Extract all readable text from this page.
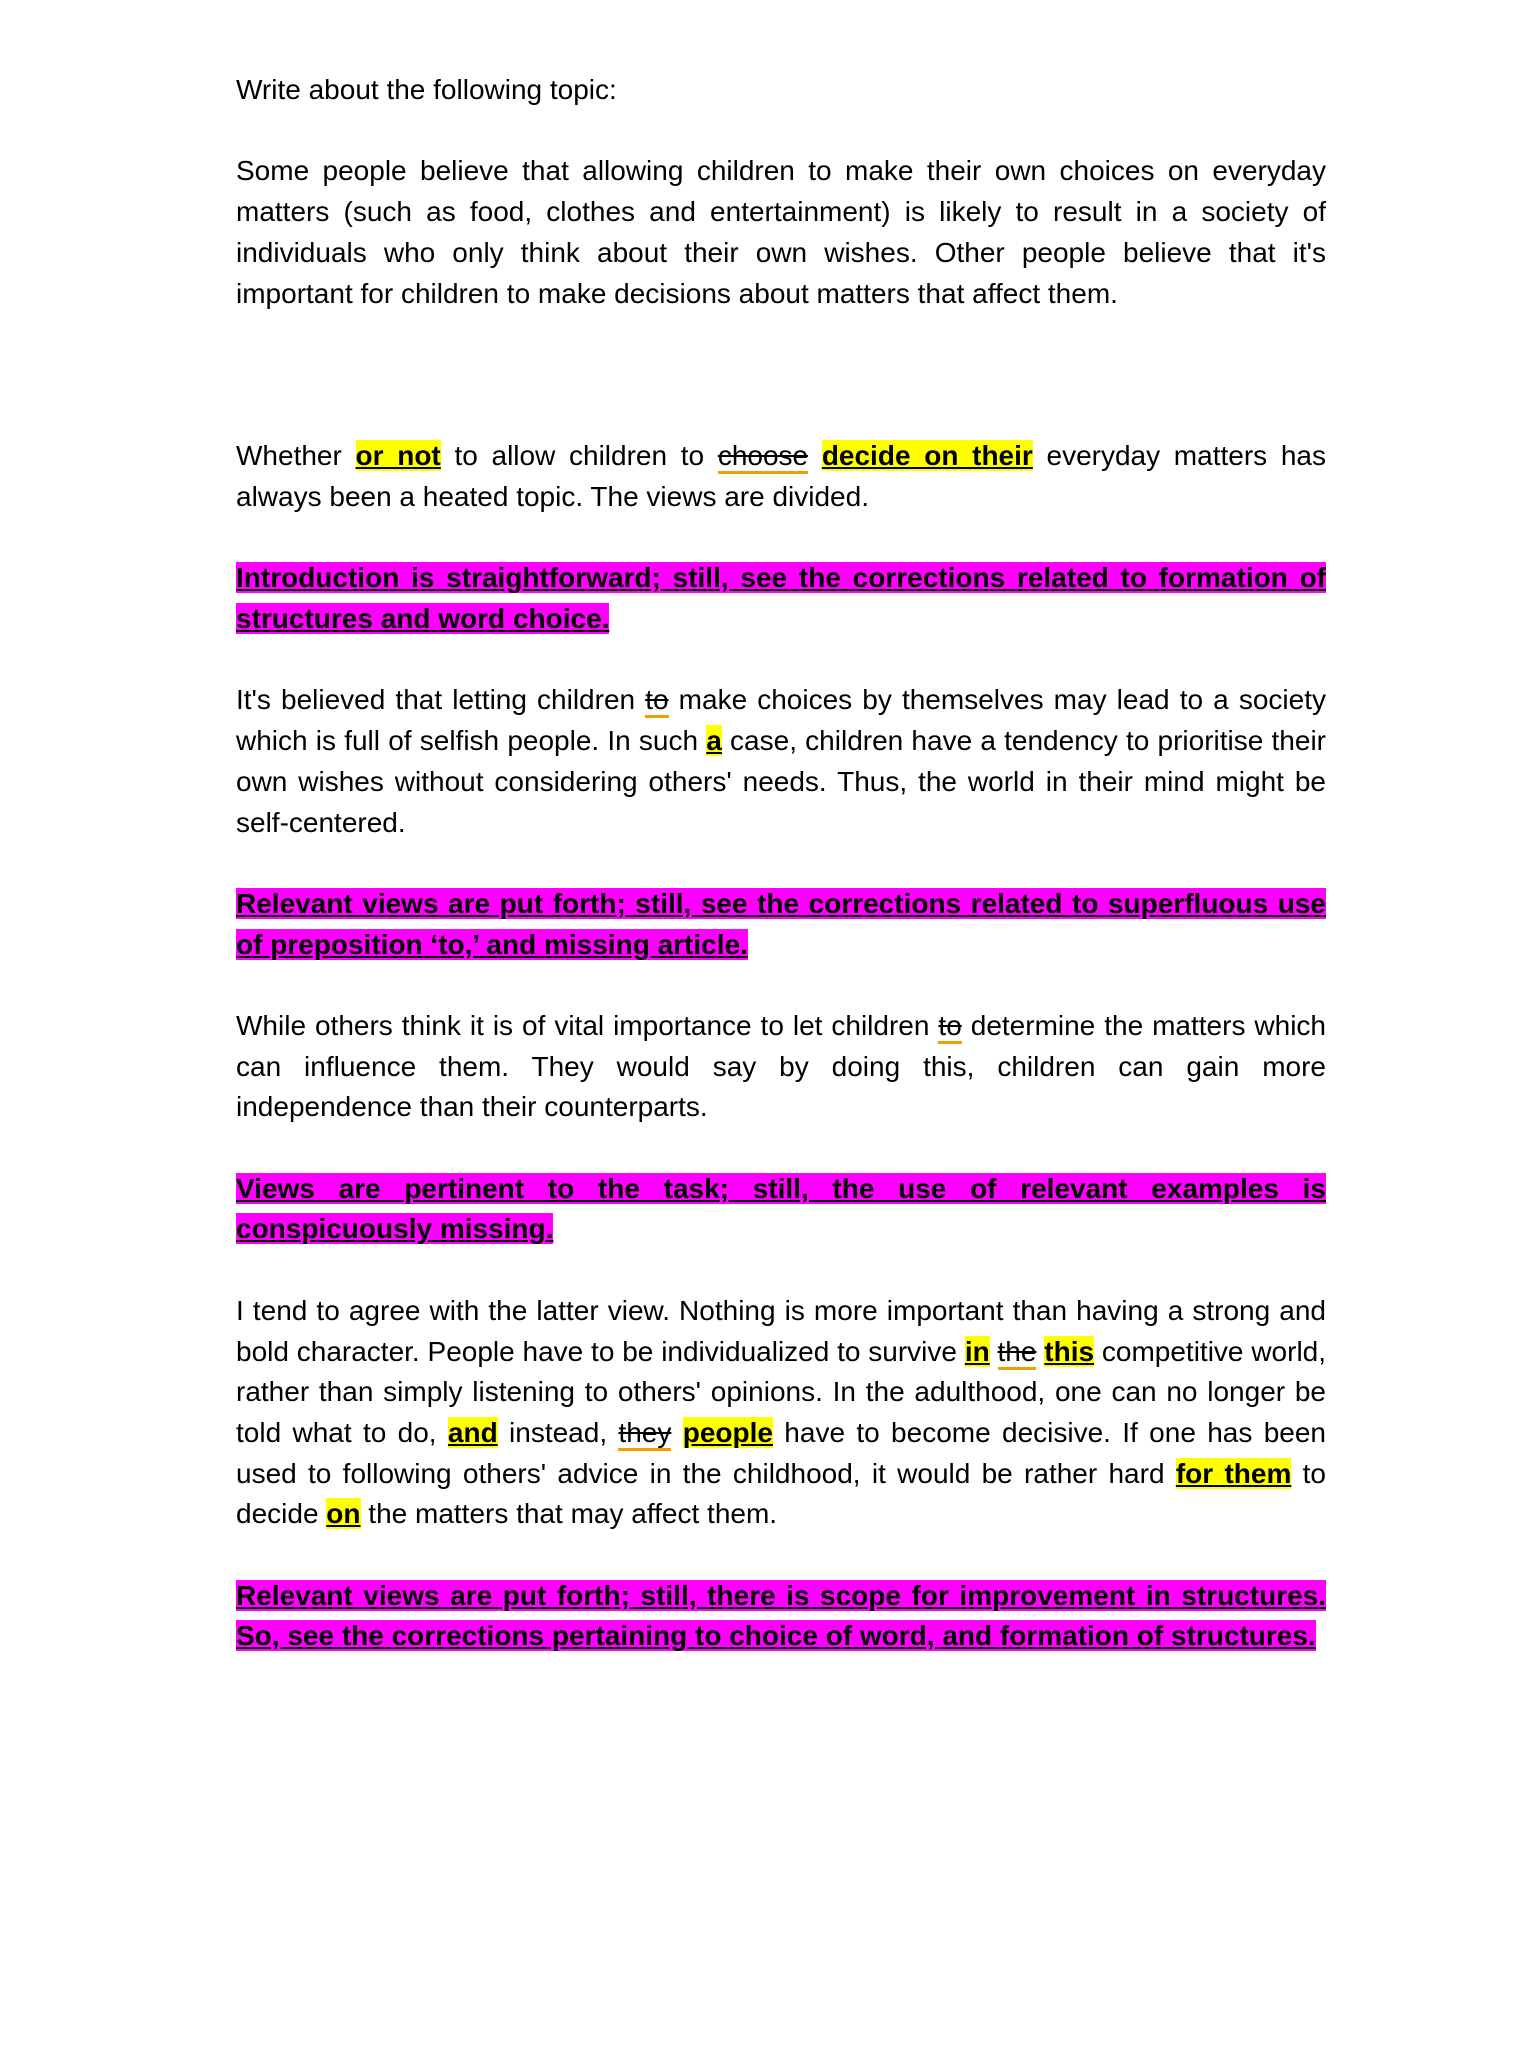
Write about the following topic:

Some people believe that allowing children to make their own choices on everyday matters (such as food, clothes and entertainment) is likely to result in a society of individuals who only think about their own wishes. Other people believe that it's important for children to make decisions about matters that affect them.

Whether or not to allow children to choose decide on their everyday matters has always been a heated topic. The views are divided.

Introduction is straightforward; still, see the corrections related to formation of structures and word choice.

It's believed that letting children to make choices by themselves may lead to a society which is full of selfish people. In such a case, children have a tendency to prioritise their own wishes without considering others' needs. Thus, the world in their mind might be self-centered.

Relevant views are put forth; still, see the corrections related to superfluous use of preposition ‘to,’ and missing article.

While others think it is of vital importance to let children to determine the matters which can influence them. They would say by doing this, children can gain more independence than their counterparts.

Views are pertinent to the task; still, the use of relevant examples is conspicuously missing.

I tend to agree with the latter view. Nothing is more important than having a strong and bold character. People have to be individualized to survive in the this competitive world, rather than simply listening to others' opinions. In the adulthood, one can no longer be told what to do, and instead, they people have to become decisive. If one has been used to following others' advice in the childhood, it would be rather hard for them to decide on the matters that may affect them.

Relevant views are put forth; still, there is scope for improvement in structures. So, see the corrections pertaining to choice of word, and formation of structures.
